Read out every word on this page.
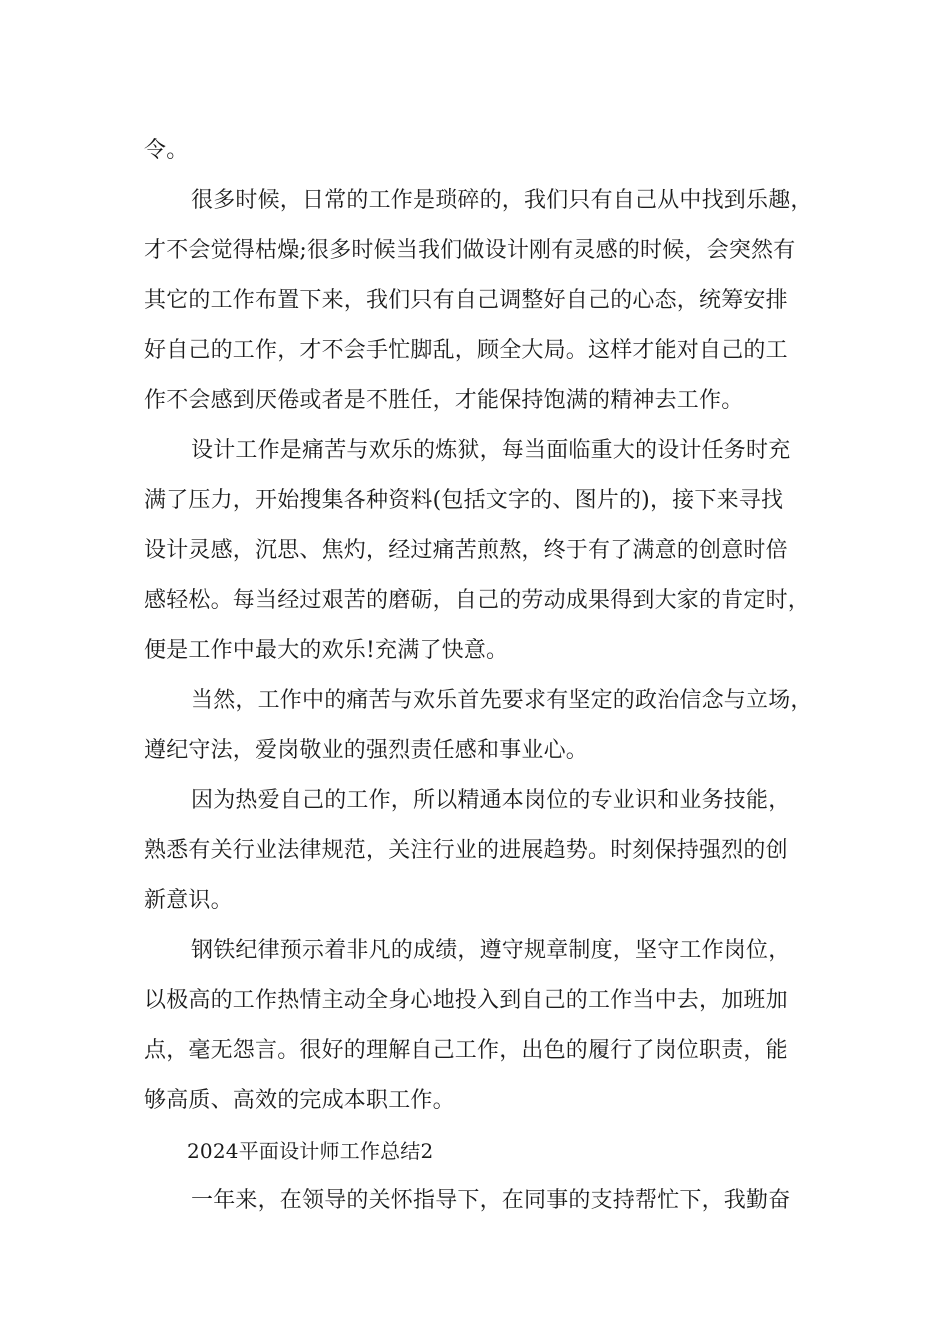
令。
很多时候，日常的工作是琐碎的，我们只有自己从中找到乐趣，
才不会觉得枯燥;很多时候当我们做设计刚有灵感的时候，会突然有
其它的工作布置下来，我们只有自己调整好自己的心态，统筹安排
好自己的工作，才不会手忙脚乱，顾全大局。这样才能对自己的工
作不会感到厌倦或者是不胜任，才能保持饱满的精神去工作。
设计工作是痛苦与欢乐的炼狱，每当面临重大的设计任务时充
满了压力，开始搜集各种资料(包括文字的、图片的)，接下来寻找
设计灵感，沉思、焦灼，经过痛苦煎熬，终于有了满意的创意时倍
感轻松。每当经过艰苦的磨砺，自己的劳动成果得到大家的肯定时，
便是工作中最大的欢乐!充满了快意。
当然，工作中的痛苦与欢乐首先要求有坚定的政治信念与立场，
遵纪守法，爱岗敬业的强烈责任感和事业心。
因为热爱自己的工作，所以精通本岗位的专业识和业务技能，
熟悉有关行业法律规范，关注行业的进展趋势。时刻保持强烈的创
新意识。
钢铁纪律预示着非凡的成绩，遵守规章制度，坚守工作岗位，
以极高的工作热情主动全身心地投入到自己的工作当中去，加班加
点，毫无怨言。很好的理解自己工作，出色的履行了岗位职责，能
够高质、高效的完成本职工作。
2024平面设计师工作总结2
一年来，在领导的关怀指导下，在同事的支持帮忙下，我勤奋
